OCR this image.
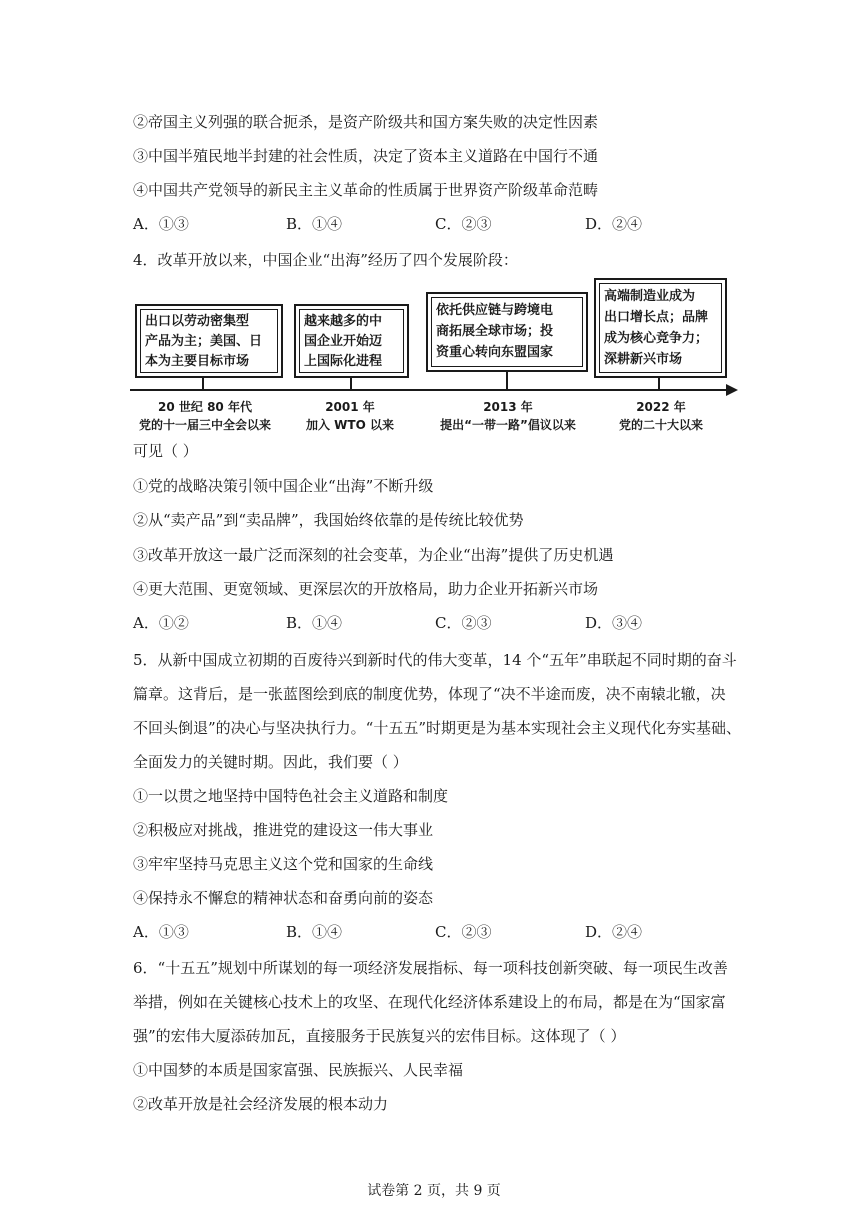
②帝国主义列强的联合扼杀，是资产阶级共和国方案失败的决定性因素
③中国半殖民地半封建的社会性质，决定了资本主义道路在中国行不通
④中国共产党领导的新民主主义革命的性质属于世界资产阶级革命范畴
A．①③	B．①④	C．②③	D．②④
4．改革开放以来，中国企业“出海”经历了四个发展阶段：
出口以劳动密集型
产品为主；美国、日
本为主要目标市场
越来越多的中
国企业开始迈
上国际化进程
依托供应链与跨境电
商拓展全球市场；投
资重心转向东盟国家
高端制造业成为
出口增长点；品牌
成为核心竞争力；
深耕新兴市场
20 世纪 80 年代
党的十一届三中全会以来
2001 年
加入 WTO 以来
2013 年
提出“一带一路”倡议以来
2022 年
党的二十大以来
可见（ ）
①党的战略决策引领中国企业“出海”不断升级
②从“卖产品”到“卖品牌”，我国始终依靠的是传统比较优势
③改革开放这一最广泛而深刻的社会变革，为企业“出海”提供了历史机遇
④更大范围、更宽领域、更深层次的开放格局，助力企业开拓新兴市场
A．①②	B．①④	C．②③	D．③④
5．从新中国成立初期的百废待兴到新时代的伟大变革，14 个“五年”串联起不同时期的奋斗
篇章。这背后，是一张蓝图绘到底的制度优势，体现了“决不半途而废，决不南辕北辙，决
不回头倒退”的决心与坚决执行力。“十五五”时期更是为基本实现社会主义现代化夯实基础、
全面发力的关键时期。因此，我们要（ ）
①一以贯之地坚持中国特色社会主义道路和制度
②积极应对挑战，推进党的建设这一伟大事业
③牢牢坚持马克思主义这个党和国家的生命线
④保持永不懈怠的精神状态和奋勇向前的姿态
A．①③	B．①④	C．②③	D．②④
6．“十五五”规划中所谋划的每一项经济发展指标、每一项科技创新突破、每一项民生改善
举措，例如在关键核心技术上的攻坚、在现代化经济体系建设上的布局，都是在为“国家富
强”的宏伟大厦添砖加瓦，直接服务于民族复兴的宏伟目标。这体现了（ ）
①中国梦的本质是国家富强、民族振兴、人民幸福
②改革开放是社会经济发展的根本动力
试卷第 2 页，共 9 页
